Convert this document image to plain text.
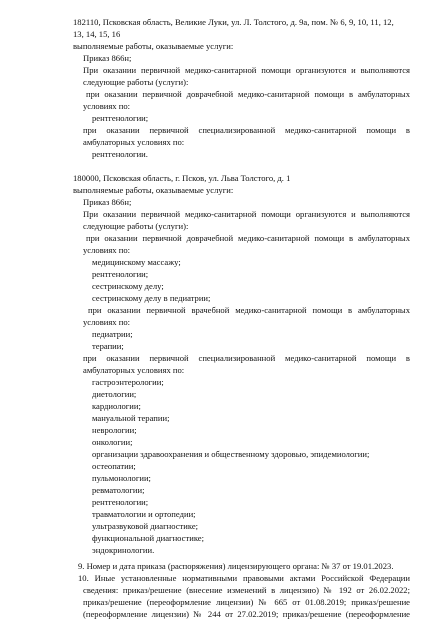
182110, Псковская область, Великие Луки, ул. Л. Толстого, д. 9а, пом. № 6, 9, 10, 11, 12,
13, 14, 15, 16
выполняемые работы, оказываемые услуги:
Приказ 866н;
При оказании первичной медико-санитарной помощи организуются и выполняются
следующие работы (услуги):
при оказании первичной доврачебной медико-санитарной помощи в амбулаторных
условиях по:
рентгенологии;
при оказании первичной специализированной медико-санитарной помощи в
амбулаторных условиях по:
рентгенологии.
180000, Псковская область, г. Псков, ул. Льва Толстого, д. 1
выполняемые работы, оказываемые услуги:
Приказ 866н;
При оказании первичной медико-санитарной помощи организуются и выполняются
следующие работы (услуги):
при оказании первичной доврачебной медико-санитарной помощи в амбулаторных
условиях по:
медицинскому массажу;
рентгенологии;
сестринскому делу;
сестринскому делу в педиатрии;
при оказании первичной врачебной медико-санитарной помощи в амбулаторных
условиях по:
педиатрии;
терапии;
при оказании первичной специализированной медико-санитарной помощи в
амбулаторных условиях по:
гастроэнтерологии;
диетологии;
кардиологии;
мануальной терапии;
неврологии;
онкологии;
организации здравоохранения и общественному здоровью, эпидемиологии;
остеопатии;
пульмонологии;
ревматологии;
рентгенологии;
травматологии и ортопедии;
ультразвуковой диагностике;
функциональной диагностике;
эндокринологии.
9. Номер и дата приказа (распоряжения) лицензирующего органа: № 37 от 19.01.2023.
10. Иные установленные нормативными правовыми актами Российской Федерации
сведения: приказ/решение (внесение изменений в лицензию) № 192 от 26.02.2022;
приказ/решение (переоформление лицензии) № 665 от 01.08.2019; приказ/решение
(переоформление лицензии) № 244 от 27.02.2019; приказ/решение (переоформление
